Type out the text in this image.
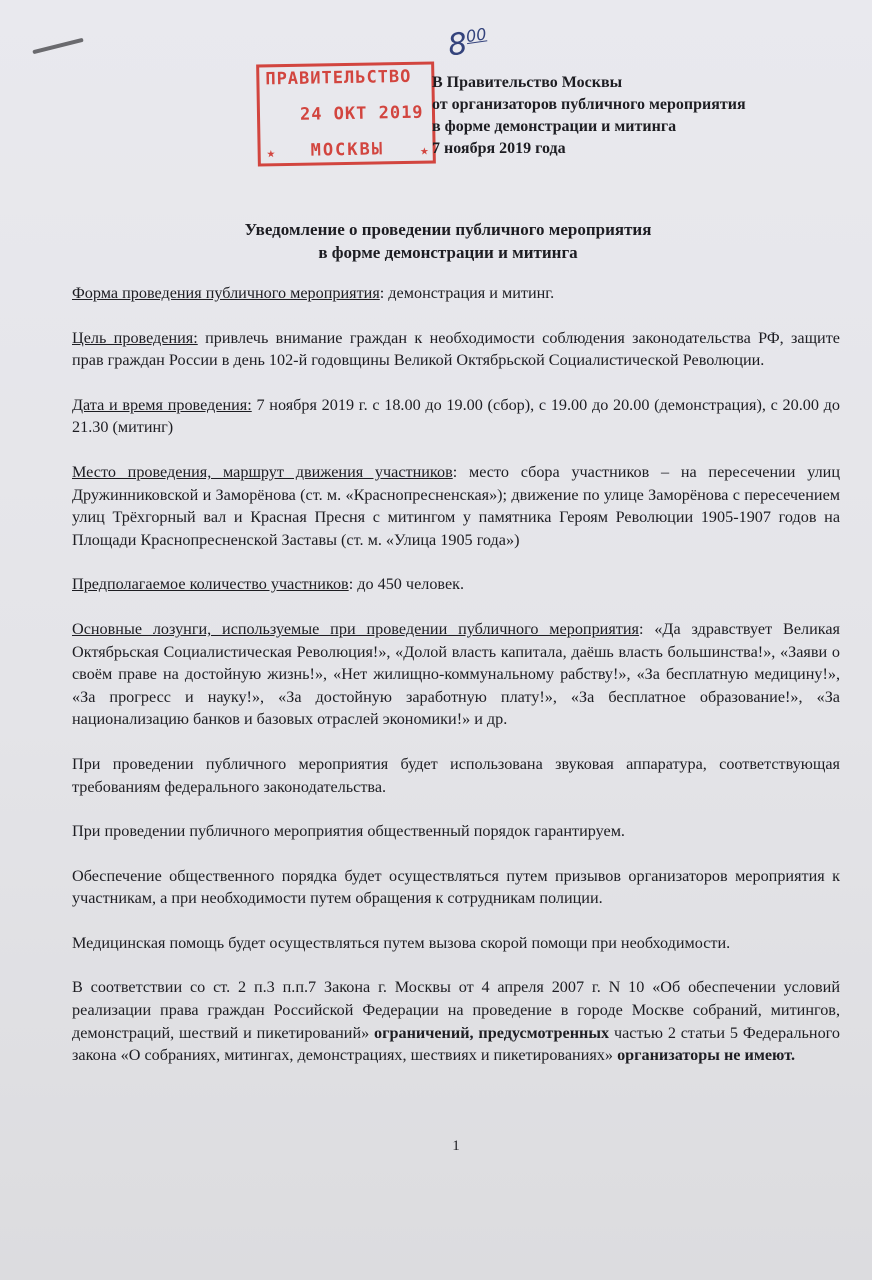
ПРАВИТЕЛЬСТВО
24 ОКТ 2019
★ МОСКВЫ	★
$8^{00}$
В Правительство Москвы
от организаторов публичного мероприятия
в форме демонстрации и митинга
7 ноября 2019 года
Уведомление о проведении публичного мероприятия
в форме демонстрации и митинга

Форма проведения публичного мероприятия: демонстрация и митинг.

Цель проведения: привлечь внимание граждан к необходимости соблюдения законодательства РФ, защите прав граждан России в день 102-й годовщины Великой Октябрьской Социалистической Революции.

Дата и время проведения: 7 ноября 2019 г. с 18.00 до 19.00 (сбор), с 19.00 до 20.00 (демонстрация), с 20.00 до 21.30 (митинг)

Место проведения, маршрут движения участников: место сбора участников – на пересечении улиц Дружинниковской и Заморёнова (ст. м. «Краснопресненская»); движение по улице Заморёнова с пересечением улиц Трёхгорный вал и Красная Пресня с митингом у памятника Героям Революции 1905-1907 годов на Площади Краснопресненской Заставы (ст. м. «Улица 1905 года»)

Предполагаемое количество участников: до 450 человек.

Основные лозунги, используемые при проведении публичного мероприятия: «Да здравствует Великая Октябрьская Социалистическая Революция!», «Долой власть капитала, даёшь власть большинства!», «Заяви о своём праве на достойную жизнь!», «Нет жилищно-коммунальному рабству!», «За бесплатную медицину!», «За прогресс и науку!», «За достойную заработную плату!», «За бесплатное образование!», «За национализацию банков и базовых отраслей экономики!» и др.

При проведении публичного мероприятия будет использована звуковая аппаратура, соответствующая требованиям федерального законодательства.

При проведении публичного мероприятия общественный порядок гарантируем.

Обеспечение общественного порядка будет осуществляться путем призывов организаторов мероприятия к участникам, а при необходимости путем обращения к сотрудникам полиции.

Медицинская помощь будет осуществляться путем вызова скорой помощи при необходимости.

В соответствии со ст. 2 п.3 п.п.7 Закона г. Москвы от 4 апреля 2007 г. N 10 «Об обеспечении условий реализации права граждан Российской Федерации на проведение в городе Москве собраний, митингов, демонстраций, шествий и пикетирований» ограничений, предусмотренных частью 2 статьи 5 Федерального закона «О собраниях, митингах, демонстрациях, шествиях и пикетированиях» организаторы не имеют.

1
